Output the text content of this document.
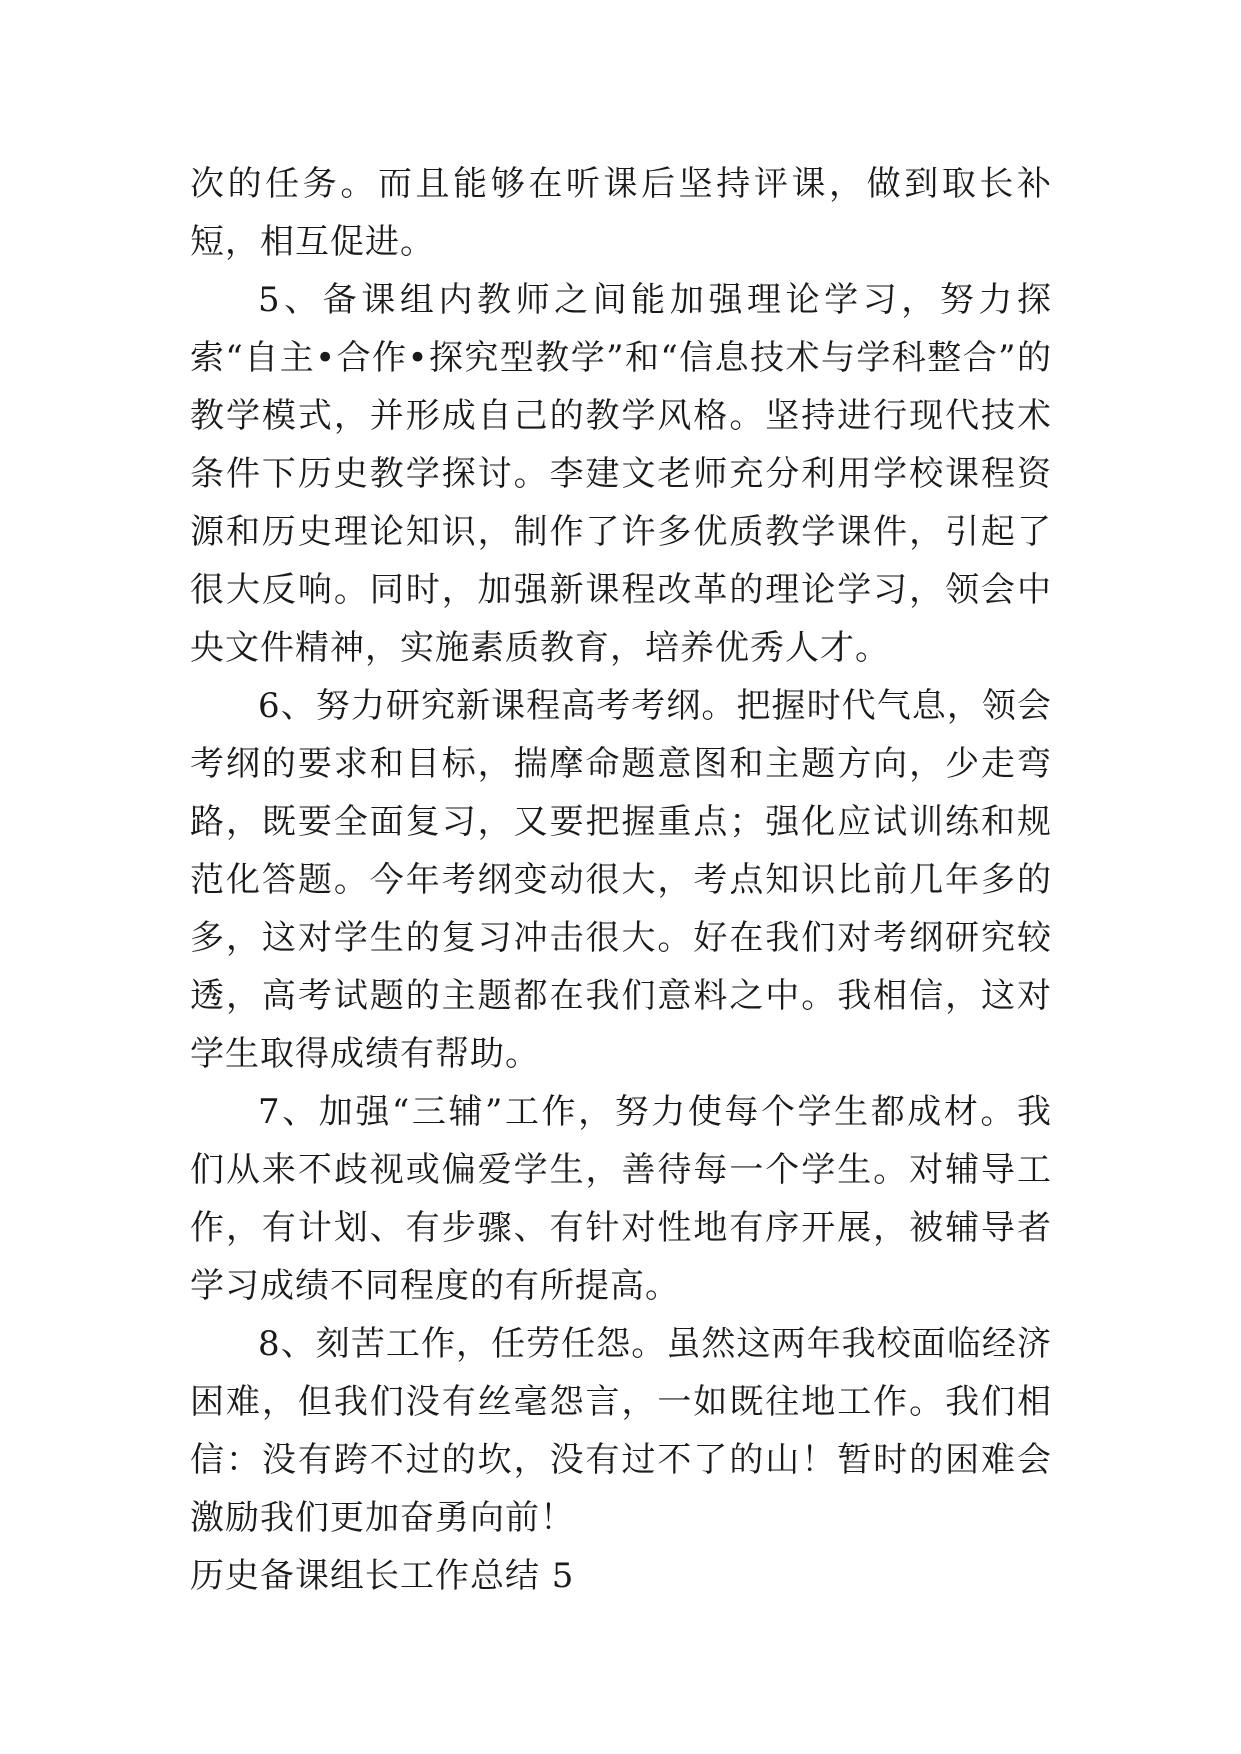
次的任务。而且能够在听课后坚持评课，做到取长补短，相互促进。

5、备课组内教师之间能加强理论学习，努力探索“自主•合作•探究型教学”和“信息技术与学科整合”的教学模式，并形成自己的教学风格。坚持进行现代技术条件下历史教学探讨。李建文老师充分利用学校课程资源和历史理论知识，制作了许多优质教学课件，引起了很大反响。同时，加强新课程改革的理论学习，领会中央文件精神，实施素质教育，培养优秀人才。

6、努力研究新课程高考考纲。把握时代气息，领会考纲的要求和目标，揣摩命题意图和主题方向，少走弯路，既要全面复习，又要把握重点；强化应试训练和规范化答题。今年考纲变动很大，考点知识比前几年多的多，这对学生的复习冲击很大。好在我们对考纲研究较透，高考试题的主题都在我们意料之中。我相信，这对学生取得成绩有帮助。

7、加强“三辅”工作，努力使每个学生都成材。我们从来不歧视或偏爱学生，善待每一个学生。对辅导工作，有计划、有步骤、有针对性地有序开展，被辅导者学习成绩不同程度的有所提高。

8、刻苦工作，任劳任怨。虽然这两年我校面临经济困难，但我们没有丝毫怨言，一如既往地工作。我们相信：没有跨不过的坎，没有过不了的山！暂时的困难会激励我们更加奋勇向前！

历史备课组长工作总结 5
